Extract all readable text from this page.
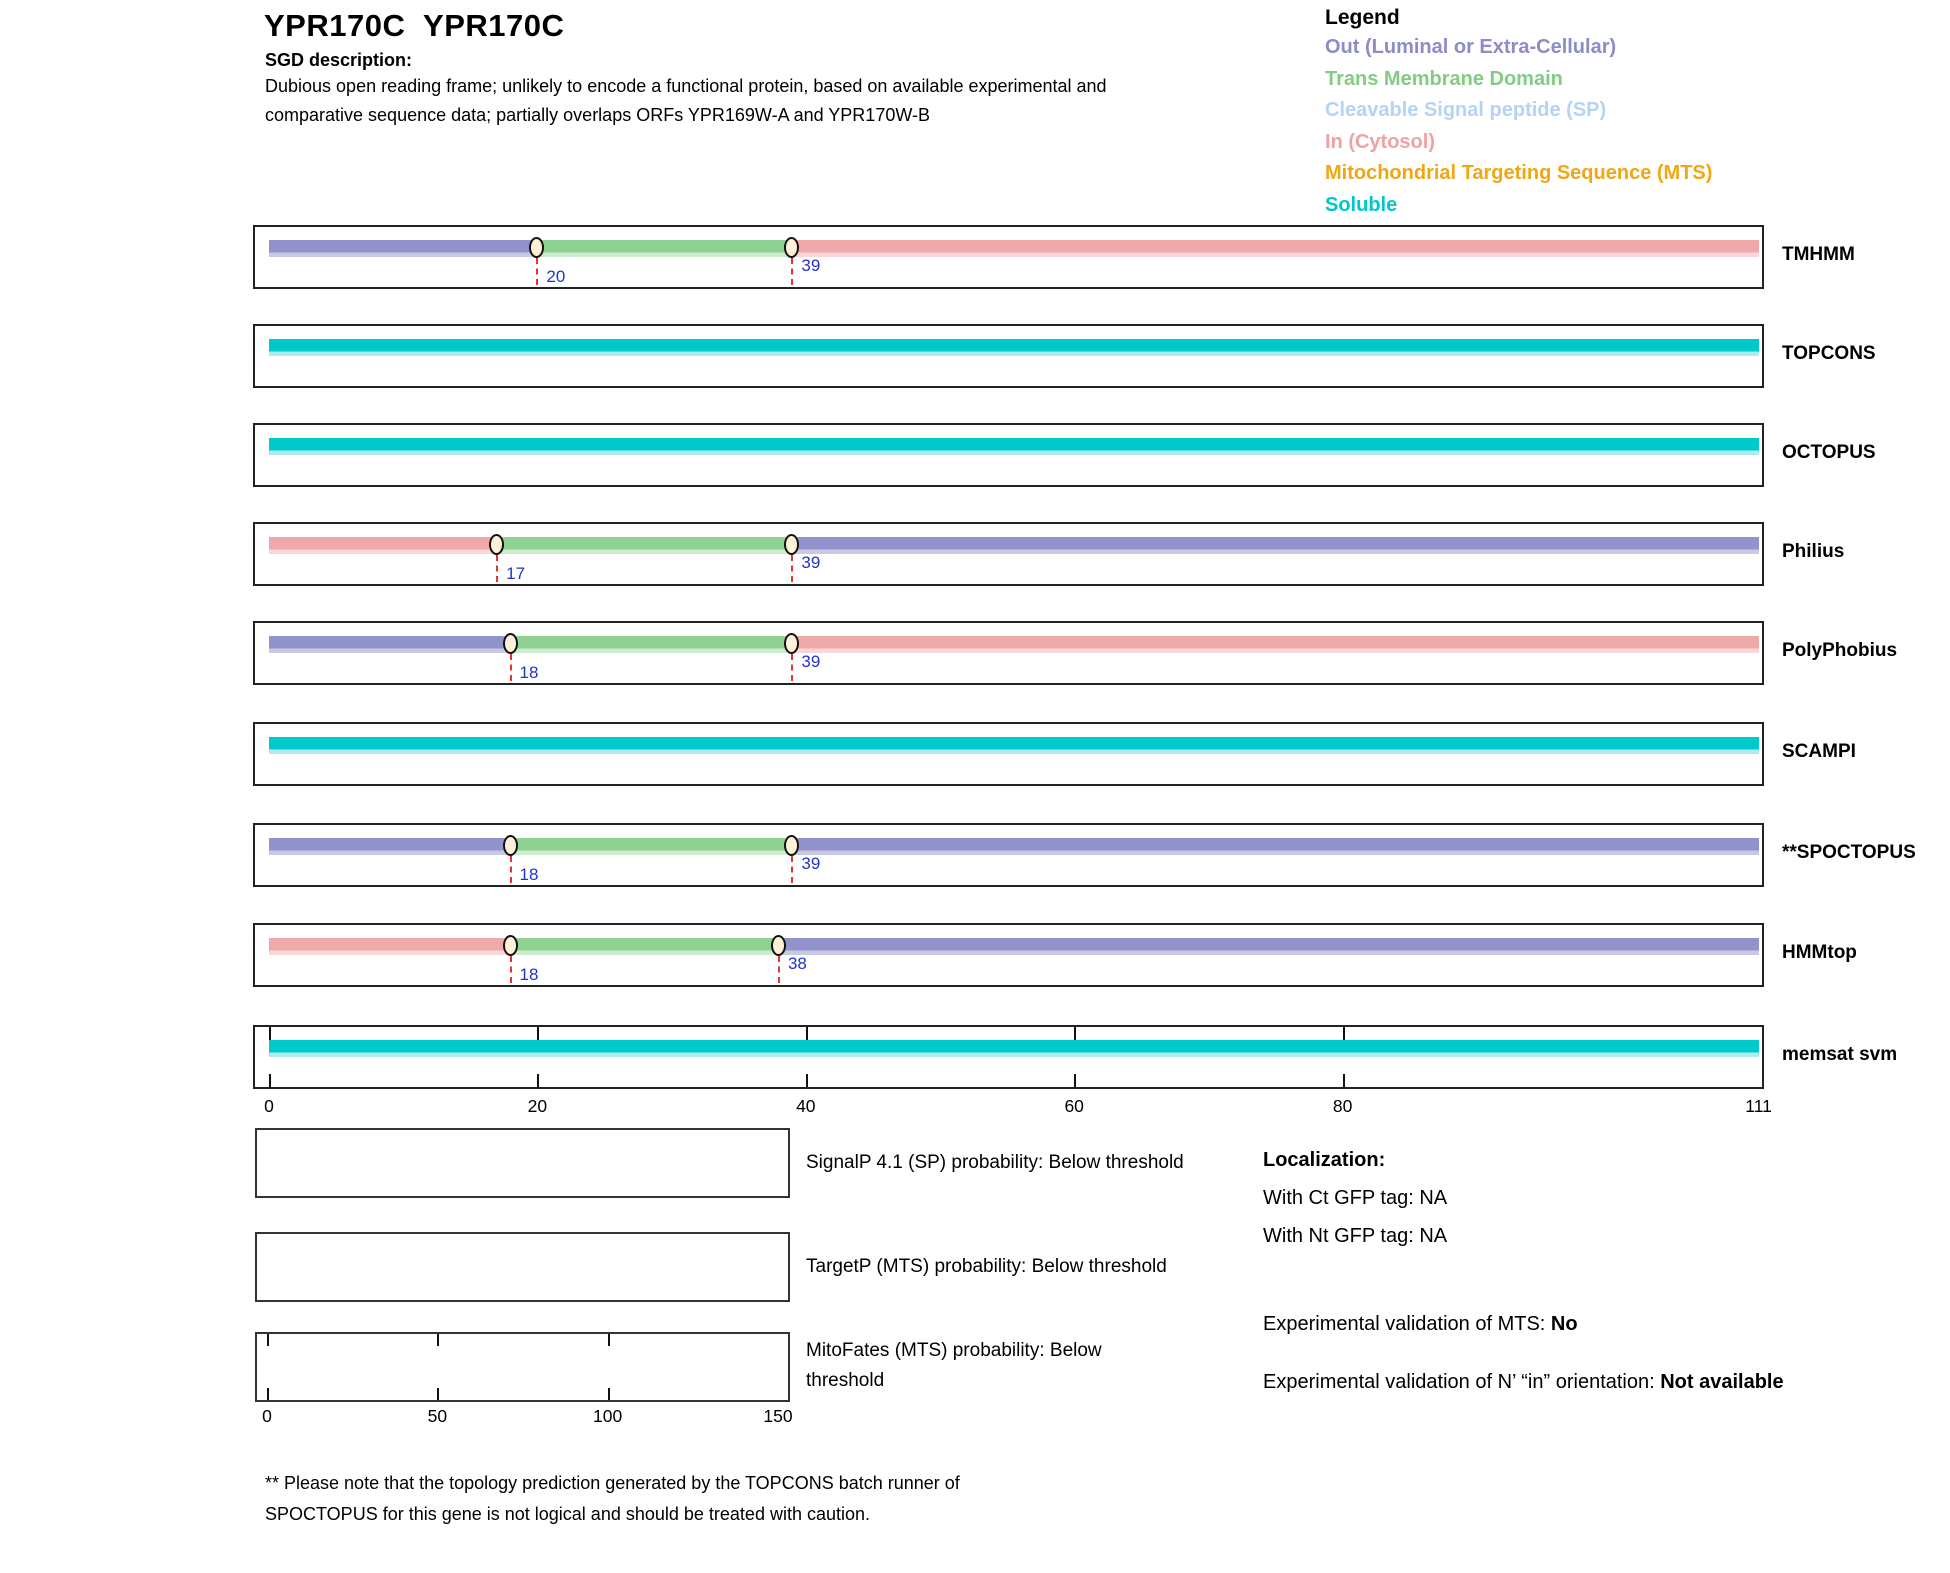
YPR170C  YPR170C
SGD description:
Dubious open reading frame; unlikely to encode a functional protein, based on available experimental and
comparative sequence data; partially overlaps ORFs YPR169W-A and YPR170W-B
Legend
Out (Luminal or Extra-Cellular)
Trans Membrane Domain
Cleavable Signal peptide (SP)
In (Cytosol)
Mitochondrial Targeting Sequence (MTS)
Soluble
20
39
TMHMM
TOPCONS
OCTOPUS
17
39
Philius
18
39
PolyPhobius
SCAMPI
18
39
**SPOCTOPUS
18
38
HMMtop
memsat svm
0	20	40	60	80	111
SignalP 4.1 (SP) probability: Below threshold
TargetP (MTS) probability: Below threshold
0	50	100	150
MitoFates (MTS) probability: Below
threshold
Localization:
With Ct GFP tag: NA
With Nt GFP tag: NA
Experimental validation of MTS: No
Experimental validation of N’ “in” orientation: Not available
** Please note that the topology prediction generated by the TOPCONS batch runner of
SPOCTOPUS for this gene is not logical and should be treated with caution.
